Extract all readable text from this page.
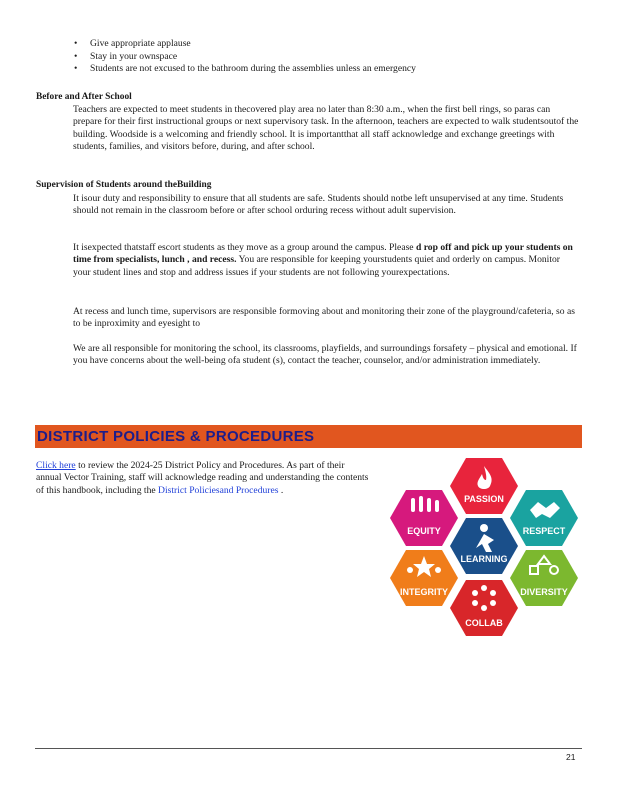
• Give appropriate applause
• Stay in your ownspace
• Students are not excused to the bathroom during the assemblies unless an emergency
Before and After School

Teachers are expected to meet students in thecovered play area no later than 8:30 a.m., when the first bell rings, so paras can prepare for their first instructional groups or next supervisory task. In the afternoon, teachers are expected to walk studentsoutof the building. Woodside is a welcoming and friendly school. It is importantthat all staff acknowledge and exchange greetings with students, families, and visitors before, during, and after school.

Supervision of Students around theBuilding

It isour duty and responsibility to ensure that all students are safe. Students should notbe left unsupervised at any time. Students should not remain in the classroom before or after school orduring recess without adult supervision.

It isexpected thatstaff escort students as they move as a group around the campus. Please d rop off and pick up your students on time from specialists, lunch , and recess. You are responsible for keeping yourstudents quiet and orderly on campus. Monitor your student lines and stop and address issues if your students are not following yourexpectations.

At recess and lunch time, supervisors are responsible formoving about and monitoring their zone of the playground/cafeteria, so as to be inproximity and eyesight to

We are all responsible for monitoring the school, its classrooms, playfields, and surroundings forsafety – physical and emotional. If you have concerns about the well-being ofa student (s), contact the teacher, counselor, and/or administration immediately.

DISTRICT POLICIES & PROCEDURES

Click here to review the 2024-25 District Policy and Procedures. As part of their annual Vector Training, staff will acknowledge reading and understanding the contents of this handbook, including the District Policiesand Procedures .

PASSION
EQUITY	RESPECT
LEARNING
INTEGRITY	DIVERSITY
COLLAB
21
